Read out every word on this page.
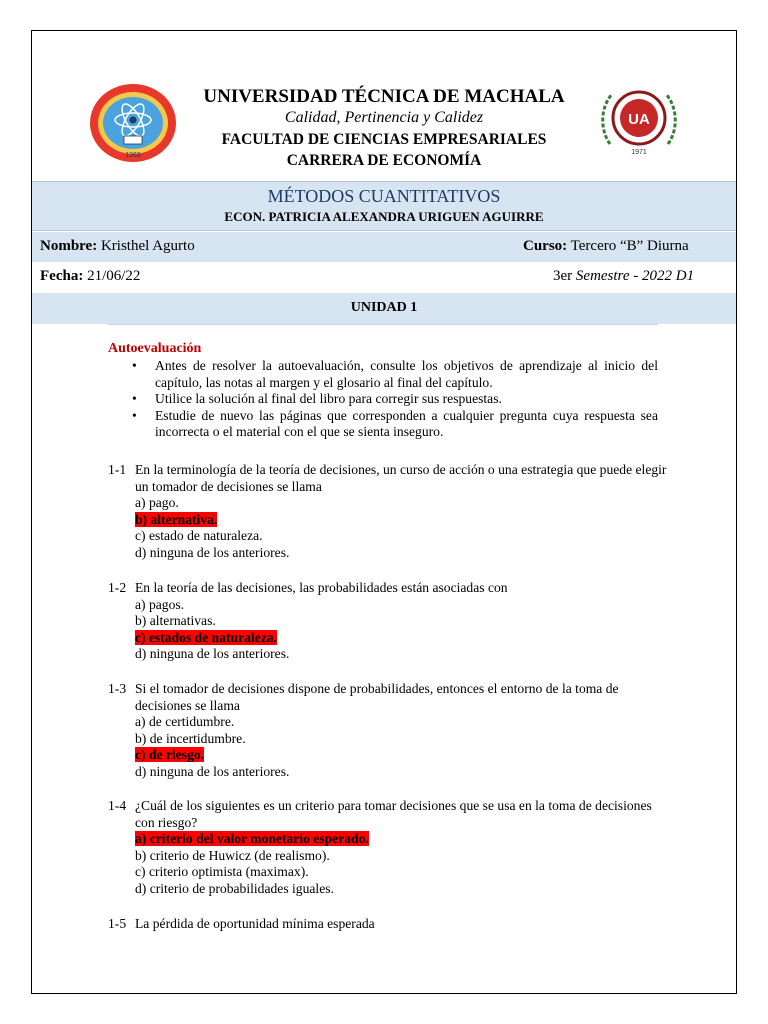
1969
UA
1971
UNIVERSIDAD TÉCNICA DE MACHALA
Calidad, Pertinencia y Calidez
FACULTAD DE CIENCIAS EMPRESARIALES
CARRERA DE ECONOMÍA
MÉTODOS CUANTITATIVOS
ECON. PATRICIA ALEXANDRA URIGUEN AGUIRRE
Nombre: Kristhel Agurto	Curso: Tercero “B” Diurna
Fecha: 21/06/22	3er Semestre - 2022 D1
UNIDAD 1
Autoevaluación
• Antes de resolver la autoevaluación, consulte los objetivos de aprendizaje al inicio del capítulo, las notas al margen y el glosario al final del capítulo.
• Utilice la solución al final del libro para corregir sus respuestas.
• Estudie de nuevo las páginas que corresponden a cualquier pregunta cuya respuesta sea incorrecta o el material con el que se sienta inseguro.
1-1 En la terminología de la teoría de decisiones, un curso de acción o una estrategia que puede elegir un tomador de decisiones se llama
a) pago.
b) alternativa.
c) estado de naturaleza.
d) ninguna de los anteriores.
1-2 En la teoría de las decisiones, las probabilidades están asociadas con
a) pagos.
b) alternativas.
c) estados de naturaleza.
d) ninguna de los anteriores.
1-3 Si el tomador de decisiones dispone de probabilidades, entonces el entorno de la toma de decisiones se llama
a) de certidumbre.
b) de incertidumbre.
c) de riesgo.
d) ninguna de los anteriores.
1-4 ¿Cuál de los siguientes es un criterio para tomar decisiones que se usa en la toma de decisiones con riesgo?
a) criterio del valor monetario esperado.
b) criterio de Huwicz (de realismo).
c) criterio optimista (maximax).
d) criterio de probabilidades iguales.
1-5 La pérdida de oportunidad mínima esperada
